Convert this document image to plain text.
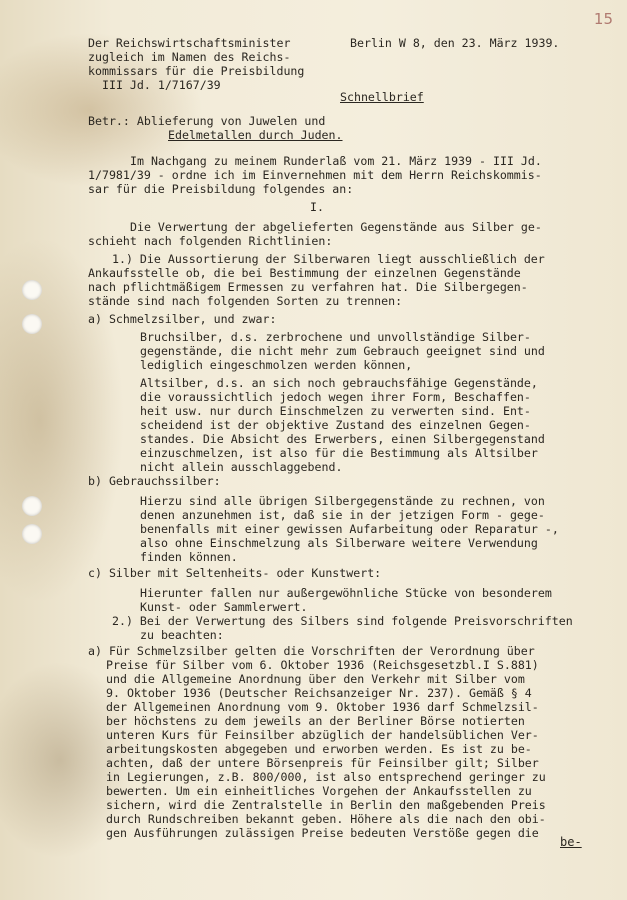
15
Der Reichswirtschaftsminister	Berlin W 8, den 23. März 1939.
zugleich im Namen des Reichs-
kommissars für die Preisbildung
III Jd. 1/7167/39
Schnellbrief
Betr.: Ablieferung von Juwelen und
Edelmetallen durch Juden.
Im Nachgang zu meinem Runderlaß vom 21. März 1939 - III Jd.
1/7981/39 - ordne ich im Einvernehmen mit dem Herrn Reichskommis-
sar für die Preisbildung folgendes an:
I.
Die Verwertung der abgelieferten Gegenstände aus Silber ge-
schieht nach folgenden Richtlinien:
1.) Die Aussortierung der Silberwaren liegt ausschließlich der
Ankaufsstelle ob, die bei Bestimmung der einzelnen Gegenstände
nach pflichtmäßigem Ermessen zu verfahren hat. Die Silbergegen-
stände sind nach folgenden Sorten zu trennen:
a) Schmelzsilber, und zwar:
Bruchsilber, d.s. zerbrochene und unvollständige Silber-
gegenstände, die nicht mehr zum Gebrauch geeignet sind und
lediglich eingeschmolzen werden können,
Altsilber, d.s. an sich noch gebrauchsfähige Gegenstände,
die voraussichtlich jedoch wegen ihrer Form, Beschaffen-
heit usw. nur durch Einschmelzen zu verwerten sind. Ent-
scheidend ist der objektive Zustand des einzelnen Gegen-
standes. Die Absicht des Erwerbers, einen Silbergegenstand
einzuschmelzen, ist also für die Bestimmung als Altsilber
nicht allein ausschlaggebend.
b) Gebrauchssilber:
Hierzu sind alle übrigen Silbergegenstände zu rechnen, von
denen anzunehmen ist, daß sie in der jetzigen Form - gege-
benenfalls mit einer gewissen Aufarbeitung oder Reparatur -,
also ohne Einschmelzung als Silberware weitere Verwendung
finden können.
c) Silber mit Seltenheits- oder Kunstwert:
Hierunter fallen nur außergewöhnliche Stücke von besonderem
Kunst- oder Sammlerwert.
2.) Bei der Verwertung des Silbers sind folgende Preisvorschriften
zu beachten:
a) Für Schmelzsilber gelten die Vorschriften der Verordnung über
Preise für Silber vom 6. Oktober 1936 (Reichsgesetzbl.I S.881)
und die Allgemeine Anordnung über den Verkehr mit Silber vom
9. Oktober 1936 (Deutscher Reichsanzeiger Nr. 237). Gemäß § 4
der Allgemeinen Anordnung vom 9. Oktober 1936 darf Schmelzsil-
ber höchstens zu dem jeweils an der Berliner Börse notierten
unteren Kurs für Feinsilber abzüglich der handelsüblichen Ver-
arbeitungskosten abgegeben und erworben werden. Es ist zu be-
achten, daß der untere Börsenpreis für Feinsilber gilt; Silber
in Legierungen, z.B. 800/000, ist also entsprechend geringer zu
bewerten. Um ein einheitliches Vorgehen der Ankaufsstellen zu
sichern, wird die Zentralstelle in Berlin den maßgebenden Preis
durch Rundschreiben bekannt geben. Höhere als die nach den obi-
gen Ausführungen zulässigen Preise bedeuten Verstöße gegen die
be-
